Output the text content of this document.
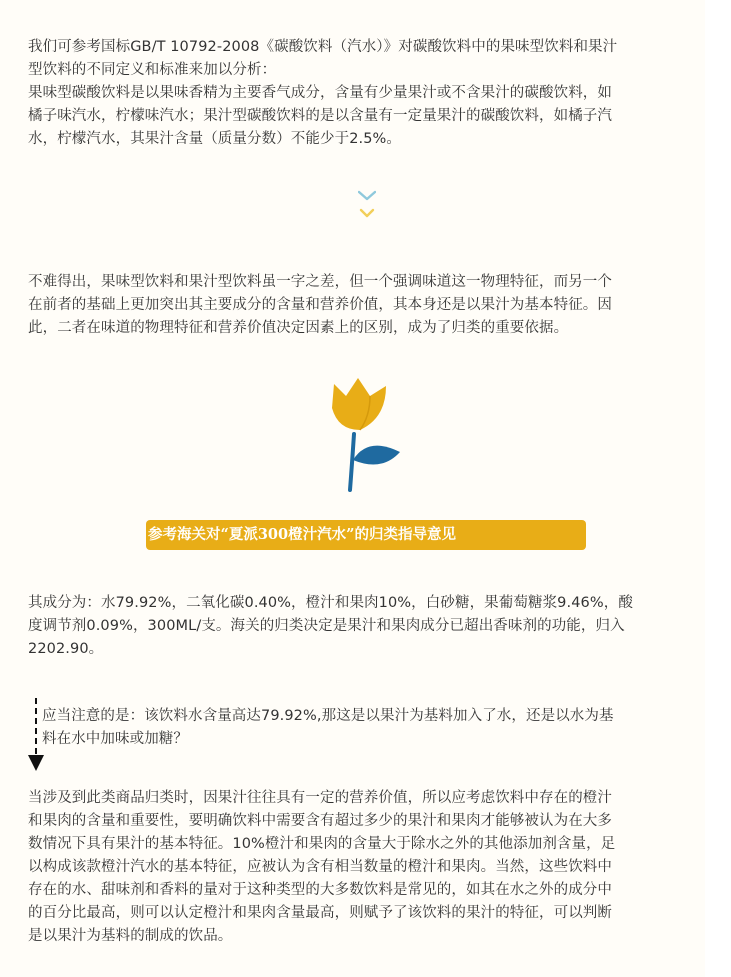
我们可参考国标GB/T 10792-2008《碳酸饮料（汽水）》对碳酸饮料中的果味型饮料和果汁
型饮料的不同定义和标准来加以分析：
果味型碳酸饮料是以果味香精为主要香气成分，含量有少量果汁或不含果汁的碳酸饮料，如
橘子味汽水，柠檬味汽水；果汁型碳酸饮料的是以含量有一定量果汁的碳酸饮料，如橘子汽
水，柠檬汽水，其果汁含量（质量分数）不能少于2.5%。
不难得出，果味型饮料和果汁型饮料虽一字之差，但一个强调味道这一物理特征，而另一个
在前者的基础上更加突出其主要成分的含量和营养价值，其本身还是以果汁为基本特征。因
此，二者在味道的物理特征和营养价值决定因素上的区别，成为了归类的重要依据。
参考海关对“夏派300橙汁汽水”的归类指导意见
其成分为：水79.92%，二氧化碳0.40%，橙汁和果肉10%，白砂糖，果葡萄糖浆9.46%，酸
度调节剂0.09%，300ML/支。海关的归类决定是果汁和果肉成分已超出香味剂的功能，归入
2202.90。
应当注意的是：该饮料水含量高达79.92%,那这是以果汁为基料加入了水，还是以水为基
料在水中加味或加糖？
当涉及到此类商品归类时，因果汁往往具有一定的营养价值，所以应考虑饮料中存在的橙汁
和果肉的含量和重要性，要明确饮料中需要含有超过多少的果汁和果肉才能够被认为在大多
数情况下具有果汁的基本特征。10%橙汁和果肉的含量大于除水之外的其他添加剂含量，足
以构成该款橙汁汽水的基本特征，应被认为含有相当数量的橙汁和果肉。当然，这些饮料中
存在的水、甜味剂和香料的量对于这种类型的大多数饮料是常见的，如其在水之外的成分中
的百分比最高，则可以认定橙汁和果肉含量最高，则赋予了该饮料的果汁的特征，可以判断
是以果汁为基料的制成的饮品。
